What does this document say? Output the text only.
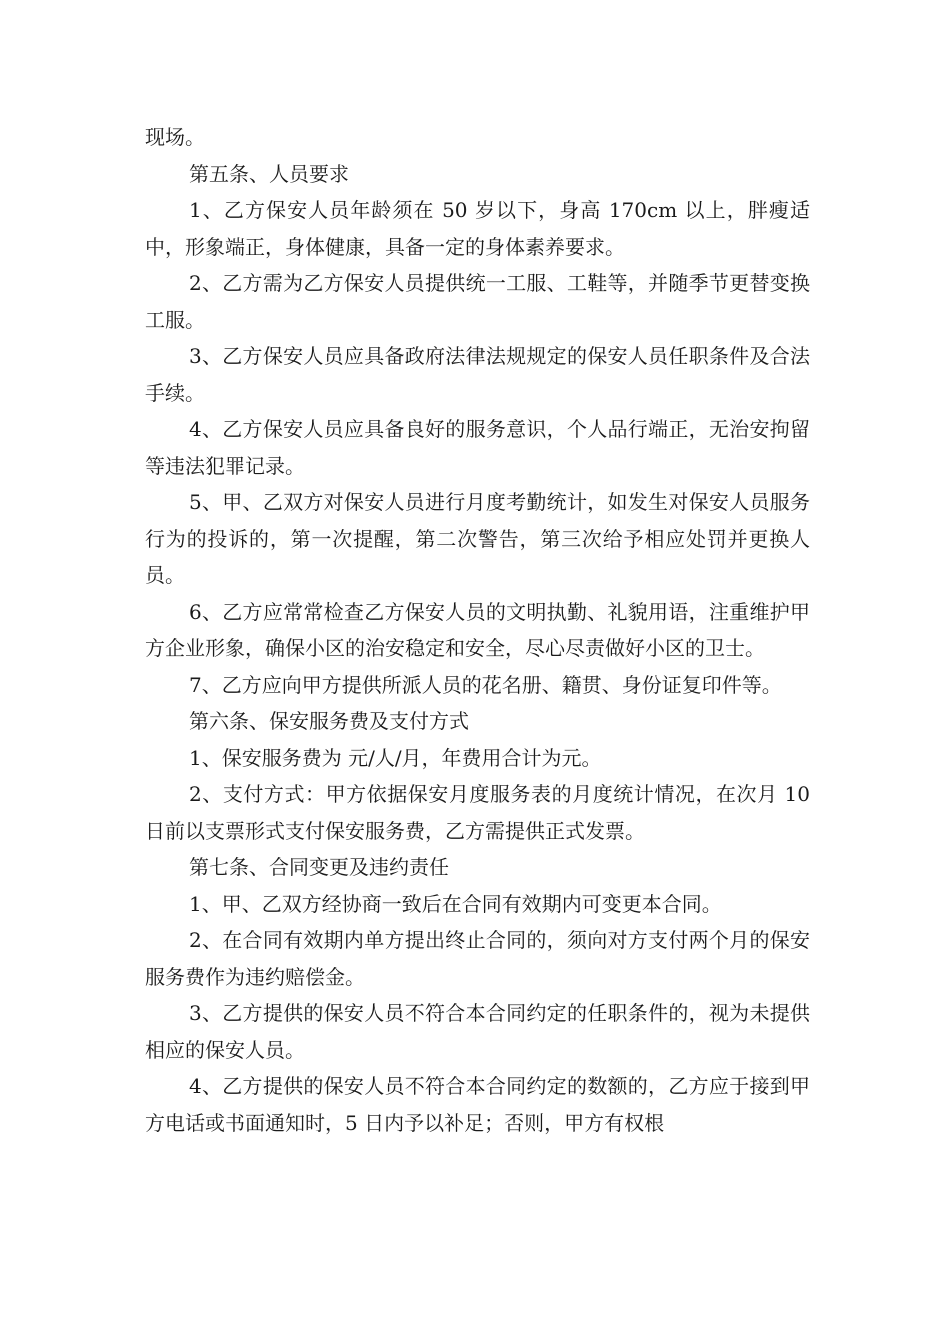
现场。

第五条、人员要求

1、乙方保安人员年龄须在 50 岁以下，身高 170cm 以上，胖瘦适中，形象端正，身体健康，具备一定的身体素养要求。

2、乙方需为乙方保安人员提供统一工服、工鞋等，并随季节更替变换工服。

3、乙方保安人员应具备政府法律法规规定的保安人员任职条件及合法手续。

4、乙方保安人员应具备良好的服务意识，个人品行端正，无治安拘留等违法犯罪记录。

5、甲、乙双方对保安人员进行月度考勤统计，如发生对保安人员服务行为的投诉的，第一次提醒，第二次警告，第三次给予相应处罚并更换人员。

6、乙方应常常检查乙方保安人员的文明执勤、礼貌用语，注重维护甲方企业形象，确保小区的治安稳定和安全，尽心尽责做好小区的卫士。

7、乙方应向甲方提供所派人员的花名册、籍贯、身份证复印件等。

第六条、保安服务费及支付方式

1、保安服务费为 元/人/月，年费用合计为元。

2、支付方式：甲方依据保安月度服务表的月度统计情况，在次月 10 日前以支票形式支付保安服务费，乙方需提供正式发票。

第七条、合同变更及违约责任

1、甲、乙双方经协商一致后在合同有效期内可变更本合同。

2、在合同有效期内单方提出终止合同的，须向对方支付两个月的保安服务费作为违约赔偿金。

3、乙方提供的保安人员不符合本合同约定的任职条件的，视为未提供相应的保安人员。

4、乙方提供的保安人员不符合本合同约定的数额的，乙方应于接到甲方电话或书面通知时，5 日内予以补足；否则，甲方有权根
